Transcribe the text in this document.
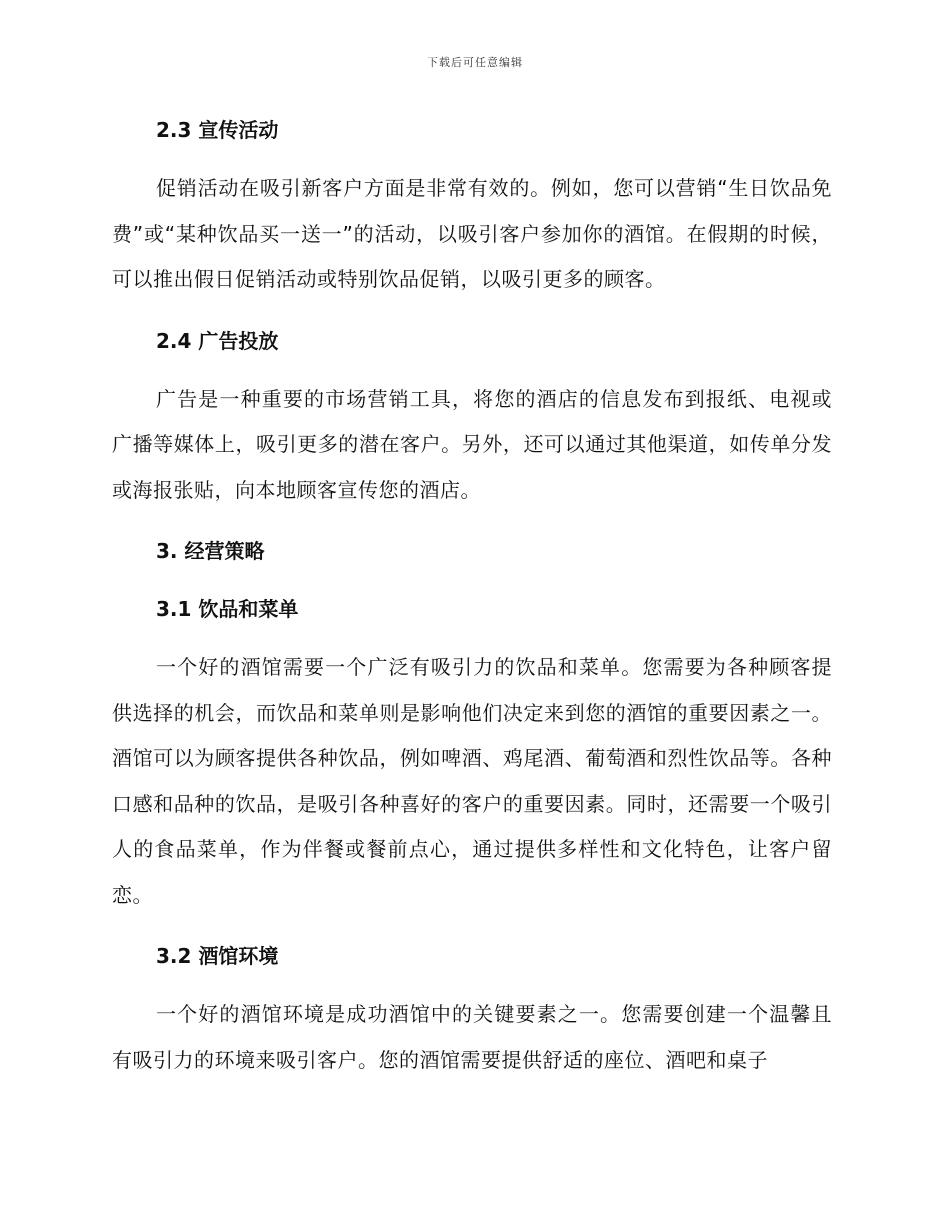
下载后可任意编辑
2.3 宣传活动

促销活动在吸引新客户方面是非常有效的。例如，您可以营销“生日饮品免费”或“某种饮品买一送一”的活动，以吸引客户参加你的酒馆。在假期的时候，可以推出假日促销活动或特别饮品促销，以吸引更多的顾客。

2.4 广告投放

广告是一种重要的市场营销工具，将您的酒店的信息发布到报纸、电视或广播等媒体上，吸引更多的潜在客户。另外，还可以通过其他渠道，如传单分发或海报张贴，向本地顾客宣传您的酒店。

3. 经营策略
3.1 饮品和菜单

一个好的酒馆需要一个广泛有吸引力的饮品和菜单。您需要为各种顾客提供选择的机会，而饮品和菜单则是影响他们决定来到您的酒馆的重要因素之一。酒馆可以为顾客提供各种饮品，例如啤酒、鸡尾酒、葡萄酒和烈性饮品等。各种口感和品种的饮品，是吸引各种喜好的客户的重要因素。同时，还需要一个吸引人的食品菜单，作为伴餐或餐前点心，通过提供多样性和文化特色，让客户留恋。

3.2 酒馆环境

一个好的酒馆环境是成功酒馆中的关键要素之一。您需要创建一个温馨且有吸引力的环境来吸引客户。您的酒馆需要提供舒适的座位、酒吧和桌子
